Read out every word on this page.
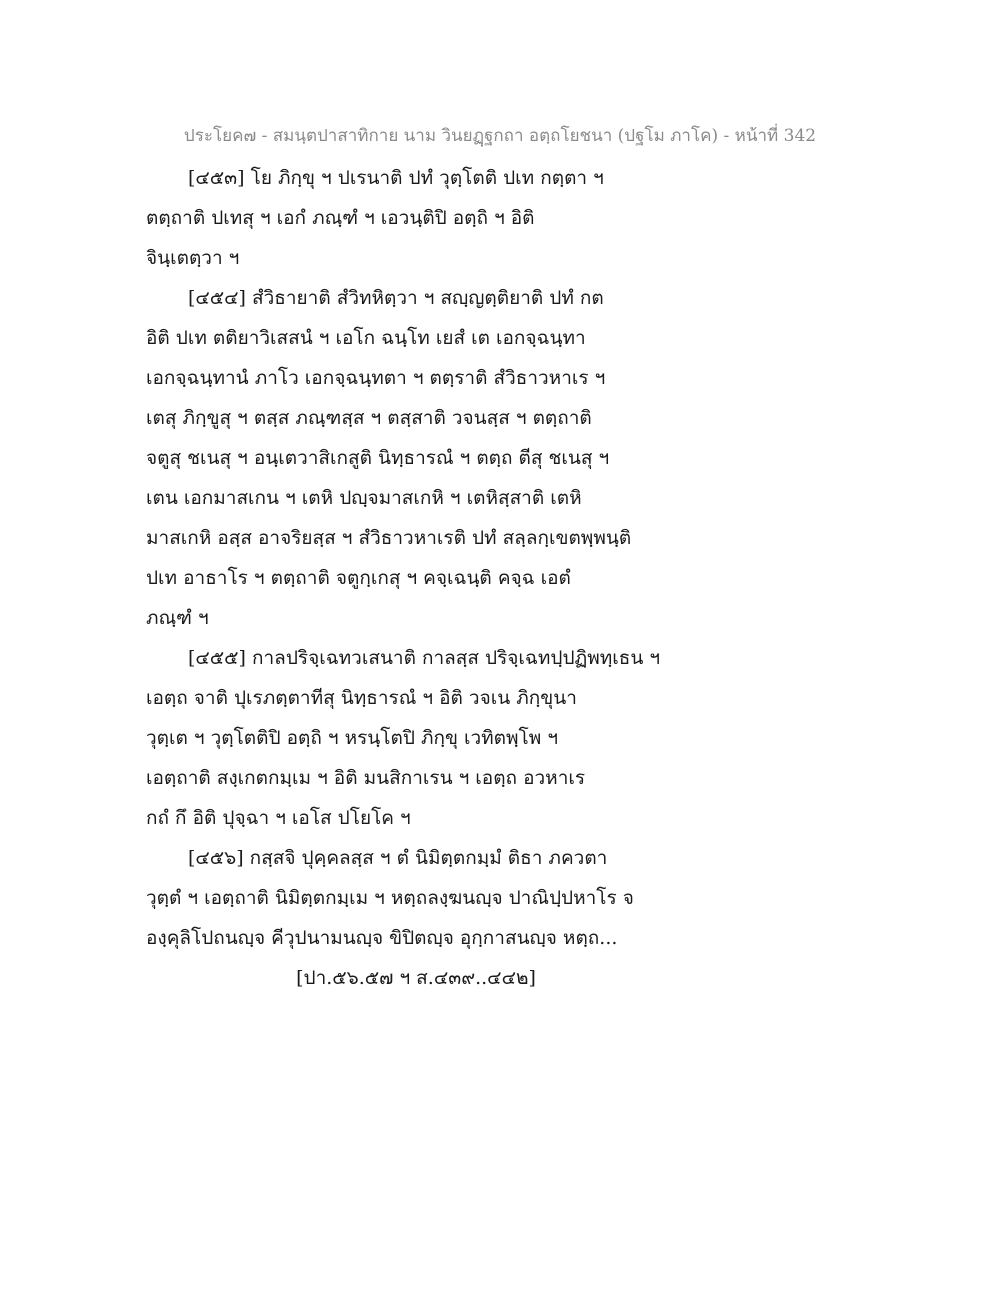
ประโยค๗ - สมนฺตปาสาทิกาย นาม วินยฏฺฐกถา อตฺถโยชนา (ปฐโม ภาโค) - หน้าที่ 342
[๔๕๓] โย ภิกฺขุ ฯ ปเรนาติ ปทํ วุตฺโตติ ปเท กตฺตา ฯ
ตตฺถาติ ปเทสุ ฯ เอกํ ภณฺฑํ ฯ เอวนฺติปิ อตฺถิ ฯ อิติ
จินฺเตตฺวา ฯ
[๔๕๔] สํวิธายาติ สํวิทหิตฺวา ฯ สญฺญตฺติยาติ ปทํ กต
อิติ ปเท ตติยาวิเสสนํ ฯ เอโก ฉนฺโท เยสํ เต เอกจฺฉนฺทา
เอกจฺฉนฺทานํ ภาโว เอกจฺฉนฺทตา ฯ ตตฺราติ สํวิธาวหาเร ฯ
เตสุ ภิกฺขูสุ ฯ ตสฺส ภณฺฑสฺส ฯ ตสฺสาติ วจนสฺส ฯ ตตฺถาติ
จตูสุ ชเนสุ ฯ อนฺเตวาสิเกสูติ นิทฺธารณํ ฯ ตตฺถ ตีสุ ชเนสุ ฯ
เตน เอกมาสเกน ฯ เตหิ ปญฺจมาสเกหิ ฯ เตหิสฺสาติ เตหิ
มาสเกหิ อสฺส อาจริยสฺส ฯ สํวิธาวหาเรติ ปทํ สลฺลกฺเขตพฺพนฺติ
ปเท อาธาโร ฯ ตตฺถาติ จตูกฺเกสุ ฯ คจฺเฉนฺติ คจฺฉ เอตํ
ภณฺฑํ ฯ
[๔๕๕] กาลปริจฺเฉทวเสนาติ กาลสฺส ปริจฺเฉทปฺปฏิพทฺเธน ฯ
เอตฺถ จาติ ปุเรภตฺตาทีสุ นิทฺธารณํ ฯ อิติ วจเน ภิกฺขุนา
วุตฺเต ฯ วุตฺโตติปิ อตฺถิ ฯ หรนฺโตปิ ภิกฺขุ เวทิตพฺโพ ฯ
เอตฺถาติ สงฺเกตกมฺเม ฯ อิติ มนสิกาเรน ฯ เอตฺถ อวหาเร
กถํ กึ อิติ ปุจฺฉา ฯ เอโส ปโยโค ฯ
[๔๕๖] กสฺสจิ ปุคฺคลสฺส ฯ ตํ นิมิตฺตกมฺมํ ติธา ภควตา
วุตฺตํ ฯ เอตฺถาติ นิมิตฺตกมฺเม ฯ หตฺถลงฺฆนญฺจ ปาณิปฺปหาโร จ
องฺคุลิโปถนญฺจ คีวุปนามนญฺจ ขิปิตญฺจ อุกฺกาสนญฺจ หตฺถ...
[ปา.๕๖.๕๗ ฯ ส.๔๓๙..๔๔๒]
